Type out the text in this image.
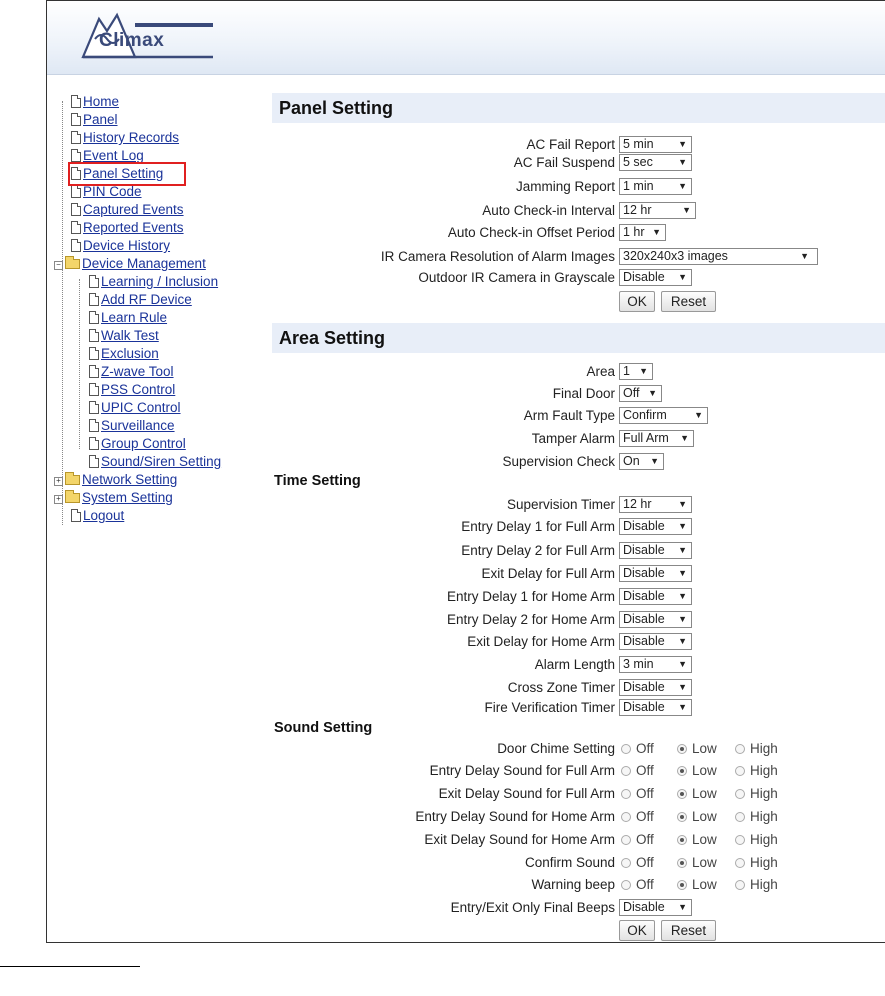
Climax
Home
Panel
History Records
Event Log
Panel Setting
PIN Code
Captured Events
Reported Events
Device History
− Device Management
Learning / Inclusion
Add RF Device
Learn Rule
Walk Test
Exclusion
Z-wave Tool
PSS Control
UPIC Control
Surveillance
Group Control
Sound/Siren Setting
+ Network Setting
+ System Setting
Logout
Panel Setting
AC Fail Report 5 min	▼
AC Fail Suspend 5 sec	▼
Jamming Report 1 min	▼
Auto Check-in Interval 12 hr	▼
Auto Check-in Offset Period 1 hr ▼
IR Camera Resolution of Alarm Images 320x240x3 images	▼
Outdoor IR Camera in Grayscale Disable ▼
OK	Reset
Area Setting
Area 1 ▼
Final Door Off ▼
Arm Fault Type Confirm	▼
Tamper Alarm Full Arm ▼
Supervision Check On ▼
Time Setting
Supervision Timer 12 hr	▼
Entry Delay 1 for Full Arm Disable ▼
Entry Delay 2 for Full Arm Disable ▼
Exit Delay for Full Arm Disable ▼
Entry Delay 1 for Home Arm Disable ▼
Entry Delay 2 for Home Arm Disable ▼
Exit Delay for Home Arm Disable ▼
Alarm Length 3 min	▼
Cross Zone Timer Disable ▼
Fire Verification Timer Disable ▼
Sound Setting
Door Chime Setting	Off	Low	High
Entry Delay Sound for Full Arm	Off	Low	High
Exit Delay Sound for Full Arm	Off	Low	High
Entry Delay Sound for Home Arm	Off	Low	High
Exit Delay Sound for Home Arm	Off	Low	High
Confirm Sound	Off	Low	High
Warning beep	Off	Low	High
Entry/Exit Only Final Beeps Disable ▼
OK	Reset
